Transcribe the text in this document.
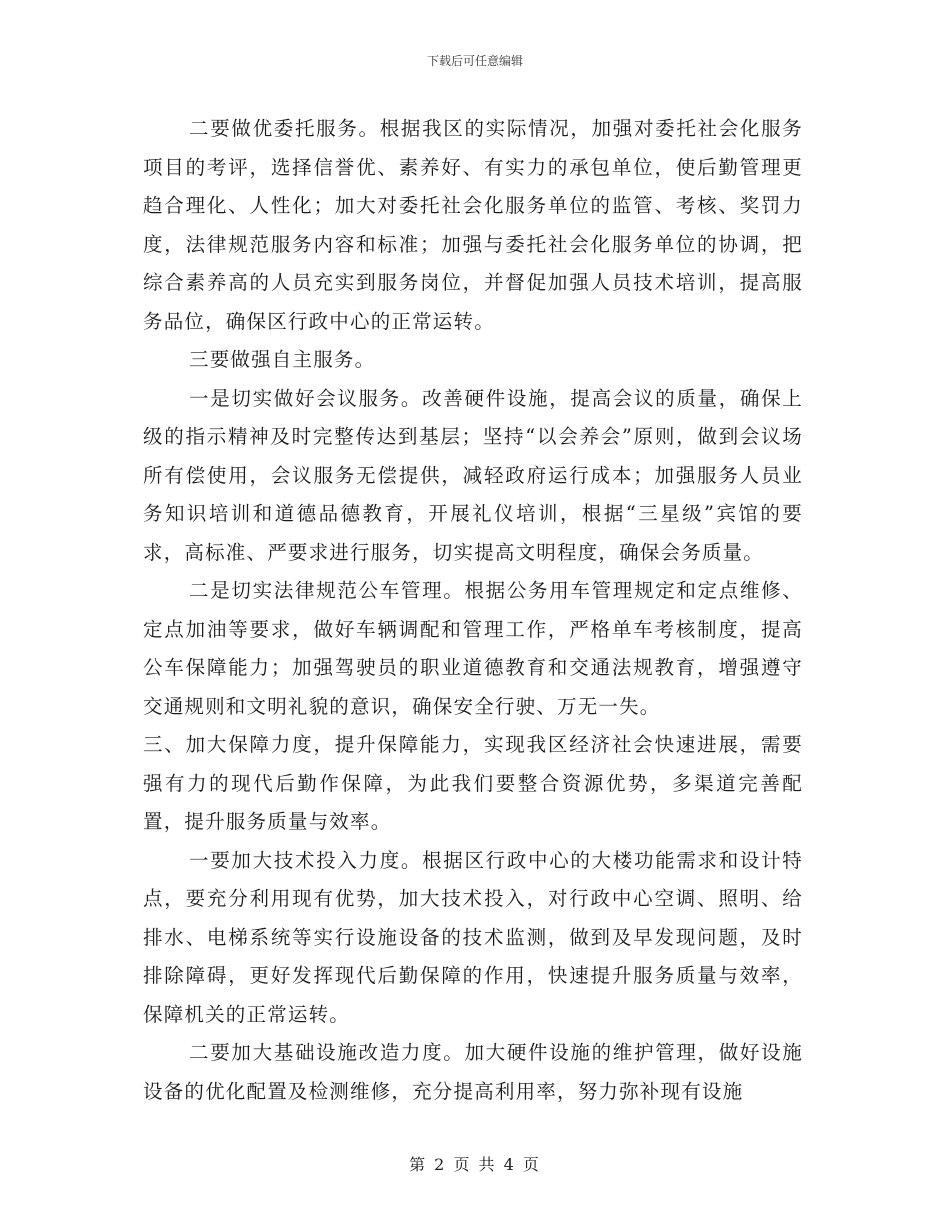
下载后可任意编辑

二要做优委托服务。根据我区的实际情况，加强对委托社会化服务项目的考评，选择信誉优、素养好、有实力的承包单位，使后勤管理更趋合理化、人性化；加大对委托社会化服务单位的监管、考核、奖罚力度，法律规范服务内容和标准；加强与委托社会化服务单位的协调，把综合素养高的人员充实到服务岗位，并督促加强人员技术培训，提高服务品位，确保区行政中心的正常运转。

三要做强自主服务。

一是切实做好会议服务。改善硬件设施，提高会议的质量，确保上级的指示精神及时完整传达到基层；坚持“以会养会”原则，做到会议场所有偿使用，会议服务无偿提供，减轻政府运行成本；加强服务人员业务知识培训和道德品德教育，开展礼仪培训，根据“三星级”宾馆的要求，高标准、严要求进行服务，切实提高文明程度，确保会务质量。

二是切实法律规范公车管理。根据公务用车管理规定和定点维修、定点加油等要求，做好车辆调配和管理工作，严格单车考核制度，提高公车保障能力；加强驾驶员的职业道德教育和交通法规教育，增强遵守交通规则和文明礼貌的意识，确保安全行驶、万无一失。

三、加大保障力度，提升保障能力，实现我区经济社会快速进展，需要强有力的现代后勤作保障，为此我们要整合资源优势，多渠道完善配置，提升服务质量与效率。

一要加大技术投入力度。根据区行政中心的大楼功能需求和设计特点，要充分利用现有优势，加大技术投入，对行政中心空调、照明、给排水、电梯系统等实行设施设备的技术监测，做到及早发现问题，及时排除障碍，更好发挥现代后勤保障的作用，快速提升服务质量与效率，保障机关的正常运转。

二要加大基础设施改造力度。加大硬件设施的维护管理，做好设施设备的优化配置及检测维修，充分提高利用率，努力弥补现有设施

第 2 页 共 4 页
